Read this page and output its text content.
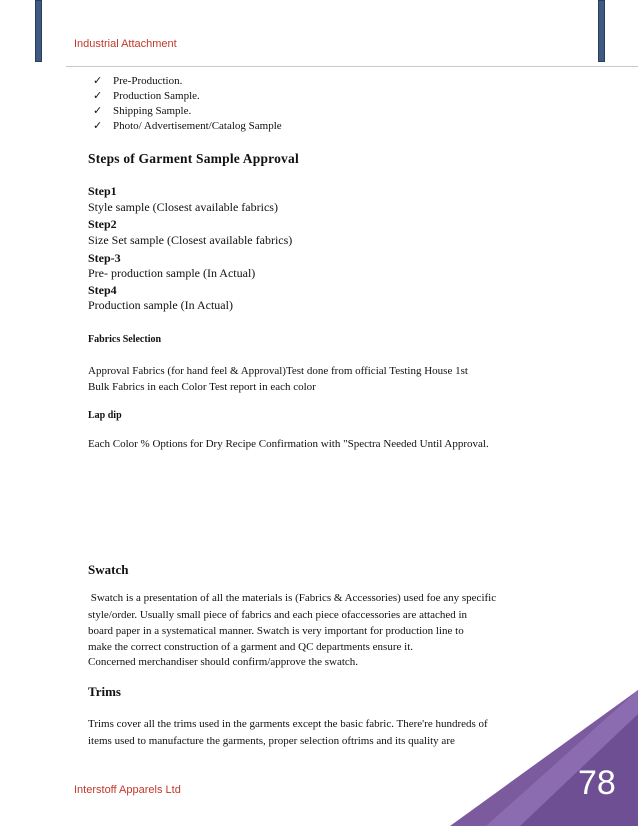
Industrial Attachment
✓ Pre-Production.
✓ Production Sample.
✓ Shipping Sample.
✓ Photo/ Advertisement/Catalog Sample
Steps of Garment Sample Approval
Step1
Style sample (Closest available fabrics)
Step2
Size Set sample (Closest available fabrics)
Step-3
Pre- production sample (In Actual)
Step4
Production sample (In Actual)
Fabrics Selection
Approval Fabrics (for hand feel & Approval)Test done from official Testing House 1st
Bulk Fabrics in each Color Test report in each color
Lap dip
Each Color % Options for Dry Recipe Confirmation with "Spectra Needed Until Approval.
Swatch
Swatch is a presentation of all the materials is (Fabrics & Accessories) used foe any specific
style/order. Usually small piece of fabrics and each piece ofaccessories are attached in
board paper in a systematical manner. Swatch is very important for production line to
make the correct construction of a garment and QC departments ensure it.
Concerned merchandiser should confirm/approve the swatch.
Trims
Trims cover all the trims used in the garments except the basic fabric. There're hundreds of
items used to manufacture the garments, proper selection oftrims and its quality are
Interstoff Apparels Ltd	78
